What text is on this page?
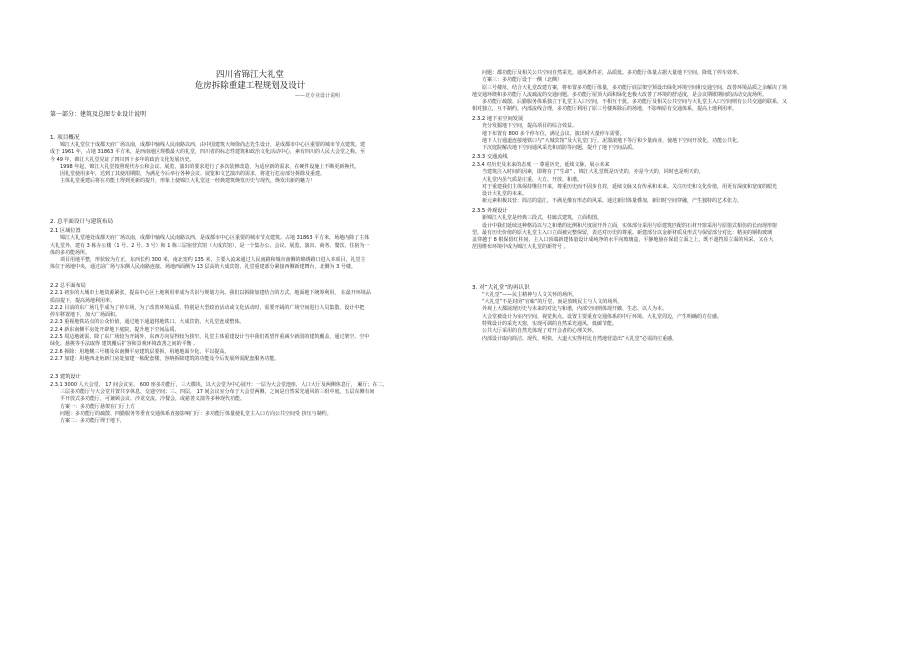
四川省锦江大礼堂
危房拆除重建工程规划及设计
——竞专业设计说明
第一部分：建筑及总图专业设计说明
1. 项目概况

锦江大礼堂位于成都天府广场以南，成都中轴线人民南路以西，由中国建筑大师徐尚志先生设计，是成都市中心区重要的城市节点建筑。建

成于 1961 年，占地 31863 平方米，是西南地区规模最大的礼堂，四川省的标志性建筑和政治文化活动中心，素有四川的人民大会堂之称。至

今 49 年，锦江大礼堂见证了四川四十多年的政治文化发展历史。

1998 年起，锦江大礼堂按照现代办公和会议、展览、演出的要求进行了多次装修改造，为适应新的需求，在硬件设施上不断更新换代。

因礼堂使用多年，达到了其使用期限，为满足今后举行各种会议、展览和文艺演出的需求，将进行危房部分拆除及重建。

主体礼堂重建后将在功能上得到更新的提升，形象上使锦江大礼堂这一经典建筑焕发历史与现代，焕发出新的魅力！

2. 总平面设计与建筑布局
2.1 区域位置

锦江大礼堂地处成都天府广场以南，成都中轴线人民南路以西，是成都市中心区重要的城市节点建筑。占地 31863 平方米，场地内除了主体

大礼堂外，建有 3 栋办公楼（1 号、2 号、3 号）和 1 栋三层宿营宾馆（大成宾馆），是一个集办公、会议、展览、演出、商务、餐饮、住宿为一

体的多功能场所。

项目用地平整，形状较为方正，东西长约 300 米，南北宽约 135 米，主要入流来通过人民南路和城市南侧的锦绣路口进入本项目，礼堂主

体位于场地中央，通过前广场与东侧人民南路连接。场地西面侧为 13 层高的大成宾馆，礼堂重建部分紧接西侧新建舞台，北侧为 3 号楼。

2.2 总平面布局

2.2.1 初步的大城市土地资源紧张，提高中心区土地利用率成为共识与规划方向。我们以拆除加建结合的方式，地面地下统筹利用， 在最开环境品

质前提下，提高场地利用率。

2.2.2 目前的东广场几乎成为了停车场，为了改善环境品质，特别是大型政治活动或文化活动时，需要开阔的广场空间进行人员集散，设计中把

停车移置地下，加大广场面积。

2.2.3 重视地铁站点的公众价值，通过地下通道将地铁口、大成宾馆、大礼堂连成整体。

2.2.4 新东南侧平房处开辟地下庭院，提升地下空间品质。

2.2.5 周边地就需，除了东广场较为开阔外，东西方向显得较为狭窄。礼堂主体重建设计当中我们希望作重减少新国的建筑覆盖，通过架空、空中

绿化、悬挑等手法取得 建筑覆后扩容和景观环境改善之间的平衡 。

2.2.6 拆除：用地侧三号楼及东南侧平房建筑层要拆，用地地面少化，平以提高。

2.2.7 加建：用地西北角新门房处加建一栋配套楼，容纳拆除建筑的功能及今后发展所需配套服务功能。

2.3 建筑设计

2.3.1 3000 人大会堂、 17 间会议室、 600 座多功能厅，三大模块，以大会堂为中心展开：一层为大会堂池座，人口大厅及两侧休息厅， 厢厅；在二、

三层多功能厅与大会堂并置共享休息，交通空间；三、四层， 17 间会议室分布于大会堂两侧，之间是自然采光通风的三组中庭。五层东侧有间

平开放式多功能厅，可兼顾会议、沙龙交流、冷餐会，或慈善义演等多种现代功能。

方案一：多功能厅悬架在门厅上方

问题：多功能厅的疏散、四勤服务等垂直交通体系直接影响门厅：多功能厅体量使礼堂主入口方向公共空间受 挤压与制约。

方案二：多功能厅埋于地下，

问题：都功能厅及相关公共空间自然采光、通风条件差，品质低。多功能厅体量占据大量地下空间，降低了停车效率。

方案三：多功能厅设于一侧（北侧）

原三号楼址，结合大礼堂改建方案，将布置多功能厅体量，多功能厅底层架空预设出绿化环境空间和交通空间，改善环境品质之余解决了场

地交通环绕和多功能厅人流疏流的交通问题。多功能厅屋顶大面积绿化也极大改善了环境的舒适度，是会议期歇期间的活动交流场所。

多功能厅疏散、后勤服务体系独立于礼堂主入口空间，不相互干扰。多功能厅及相关公共空间与大礼堂主入口空间则有公共交通的联系，又

相对独立，互不制约。内部流线合理，多功能厅利用了原三号楼拆除后的场地，不影响原有交通体系，提高土地利用率。

2.3.2 地下室空间发展

充分发掘地下空间，提高项目的综合效益。

地下布置有 800 多个停车位，满足会议、演出时大量停车需要。

地下人行通道连接地铁口与”大城宾馆”及大礼堂门厅。泥溜滚地下等厅和少量商业，使地下空间开放化，功能公共化。

下沉庭院解决地下空间通风采光和消防等问题，提升了地下空间品质。

2.3.3 交通流线

2.3.4 对历史及未来的态度 一 尊重历史，延续文脉，展示未来

当建筑注入时间的因素，即将有了“生命” ，锦江大礼堂既是历史的，亦是今天的，同时也是明天的。

大礼堂内虽气质是庄重、大方、开放、和谐。

对于重建我们主体保持继往开来，尊重历史而不固步自封，延续文脉又有传承和未来。关注历史和文化价值，用更有深度和宽度的眼光

设计大礼堂的未来。

新元素积极其营：简洁的造汇，不满足像有形态的风采，通过新旧体量叠加，新旧时空间穿融，产生独特的艺术张力。

2.3.5 外观设计

新锦江大礼堂是经典三段式，柱廊式建筑，立面构图。

设计中我们延续这种格局以与之和谐的比例和尺度展开外立面，实体部分采用与原建筑匹配的石材开窗采用与原窗式相仿的长而现形窗

型。最有历史价值的原大礼堂主入口立面被完整保留，表达对历史的尊重。新建部分以金新材质及形式与保留部分对比：精美的钢构玻璃

盖穿越于 8 根保留红柱间，主入口顶端新建体量设计成纯净的水平向玻璃盒，平静地悬在保留立面之上，既不遮挡原立面的风采，又在大

范围维布环境中成为锦江大礼堂的新符号 。

3. 对”大礼堂”的再认识

”大礼堂”——民主精神与人文关怀的场所。

”大礼堂”不是封闭”官味”的厅堂，而是放映民主与人文的场所。

外观上大都展现历史与未来的对比与和谐，内部空间则体现开敞、生态、以人为本。

大会堂被设计为室内空间、视觉焦点。设置主要重直交通体系的中厅环境、大礼堂周边，产生明确的方位感。

特殊设计的采光天窗，实现可调的自然采光通风，低碳节能。

公共大厅采用的自然光体现了对开会者的心理关怀。

内部设计取向简洁、现代、明快，大道大实得村比自然地营造出”大礼堂”必需的庄重感。
